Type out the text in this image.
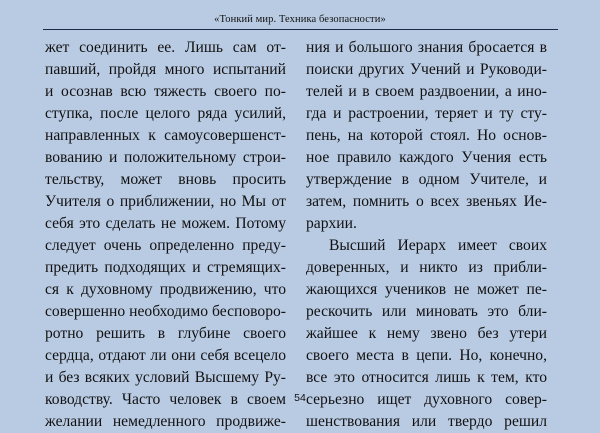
«Тонкий мир. Техника безопасности»
жет соединить ее. Лишь сам от-
павший, пройдя много испытаний
и осознав всю тяжесть своего по-
ступка, после целого ряда усилий,
направленных к самоусовершенст-
вованию и положительному строи-
тельству, может вновь просить
Учителя о приближении, но Мы от
себя это сделать не можем. Потому
следует очень определенно преду-
предить подходящих и стремящих-
ся к духовному продвижению, что
совершенно необходимо бесповоро-
ротно решить в глубине своего
сердца, отдают ли они себя всецело
и без всяких условий Высшему Ру-
ководству. Часто человек в своем
желании немедленного продвиже-
ния и большого знания бросается в
поиски других Учений и Руководи-
телей и в своем раздвоении, а ино-
гда и растроении, теряет и ту сту-
пень, на которой стоял. Но основ-
ное правило каждого Учения есть
утверждение в одном Учителе, и
затем, помнить о всех звеньях Ие-
рархии.
Высший Иерарх имеет своих
доверенных, и никто из прибли-
жающихся учеников не может пе-
рескочить или миновать это бли-
жайшее к нему звено без утери
своего места в цепи. Но, конечно,
все это относится лишь к тем, кто
серьезно ищет духовного совер-
шенствования или твердо решил
54
